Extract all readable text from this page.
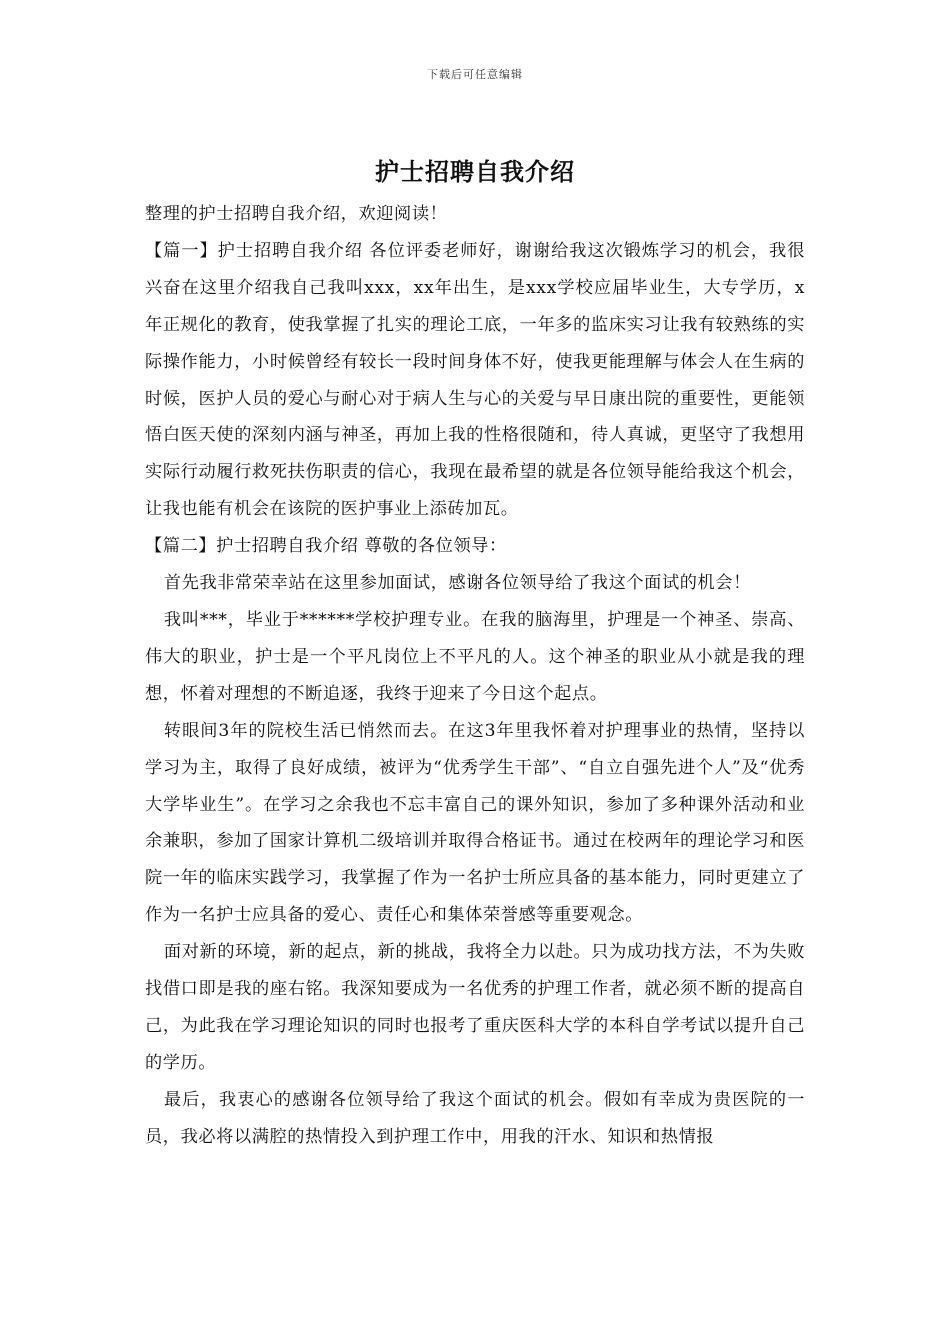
下载后可任意编辑
护士招聘自我介绍

整理的护士招聘自我介绍，欢迎阅读！

【篇一】护士招聘自我介绍 各位评委老师好，谢谢给我这次锻炼学习的机会，我很兴奋在这里介绍我自己我叫xxx，xx年出生，是xxx学校应届毕业生，大专学历，x年正规化的教育，使我掌握了扎实的理论工底，一年多的监床实习让我有较熟练的实际操作能力，小时候曾经有较长一段时间身体不好，使我更能理解与体会人在生病的时候，医护人员的爱心与耐心对于病人生与心的关爱与早日康出院的重要性，更能领悟白医天使的深刻内涵与神圣，再加上我的性格很随和，待人真诚，更坚守了我想用实际行动履行救死扶伤职责的信心，我现在最希望的就是各位领导能给我这个机会，让我也能有机会在该院的医护事业上添砖加瓦。

【篇二】护士招聘自我介绍 尊敬的各位领导：

首先我非常荣幸站在这里参加面试，感谢各位领导给了我这个面试的机会！

我叫***，毕业于******学校护理专业。在我的脑海里，护理是一个神圣、崇高、伟大的职业，护士是一个平凡岗位上不平凡的人。这个神圣的职业从小就是我的理想，怀着对理想的不断追逐，我终于迎来了今日这个起点。

转眼间3年的院校生活已悄然而去。在这3年里我怀着对护理事业的热情，坚持以学习为主，取得了良好成绩，被评为“优秀学生干部”、“自立自强先进个人”及“优秀大学毕业生”。在学习之余我也不忘丰富自己的课外知识，参加了多种课外活动和业余兼职，参加了国家计算机二级培训并取得合格证书。通过在校两年的理论学习和医院一年的临床实践学习，我掌握了作为一名护士所应具备的基本能力，同时更建立了作为一名护士应具备的爱心、责任心和集体荣誉感等重要观念。

面对新的环境，新的起点，新的挑战，我将全力以赴。只为成功找方法，不为失败找借口即是我的座右铭。我深知要成为一名优秀的护理工作者，就必须不断的提高自己，为此我在学习理论知识的同时也报考了重庆医科大学的本科自学考试以提升自己的学历。

最后，我衷心的感谢各位领导给了我这个面试的机会。假如有幸成为贵医院的一员，我必将以满腔的热情投入到护理工作中，用我的汗水、知识和热情报
